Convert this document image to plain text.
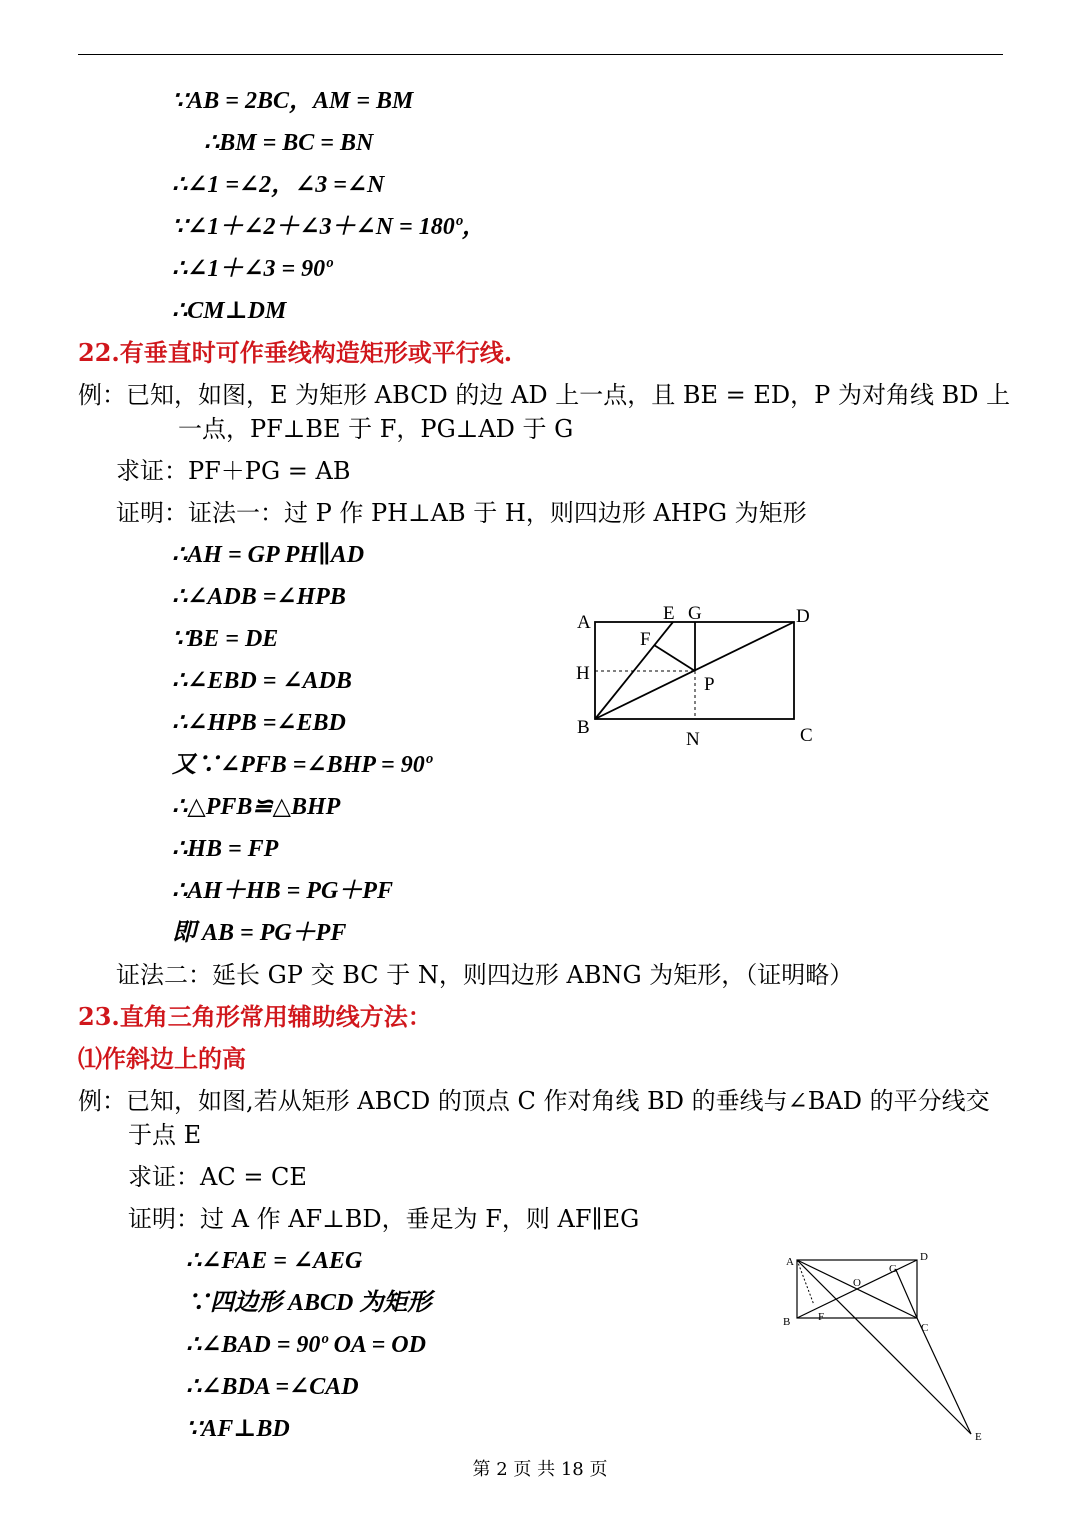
∵AB = 2BC，AM = BM
∴BM = BC = BN
∴∠1 =∠2，∠3 =∠N
∵∠1＋∠2＋∠3＋∠N = 180º，
∴∠1＋∠3 = 90º
∴CM⊥DM
22.有垂直时可作垂线构造矩形或平行线.
例：已知，如图，E 为矩形 ABCD 的边 AD 上一点，且 BE = ED，P 为对角线 BD 上
一点，PF⊥BE 于 F，PG⊥AD 于 G
求证：PF＋PG = AB
证明：证法一：过 P 作 PH⊥AB 于 H，则四边形 AHPG 为矩形
∴AH = GP PH∥AD
∴∠ADB =∠HPB
∵BE = DE
∴∠EBD = ∠ADB
∴∠HPB =∠EBD
又∵∠PFB =∠BHP = 90º
∴△PFB≌△BHP
∴HB = FP
∴AH＋HB = PG＋PF
即 AB = PG＋PF
证法二：延长 GP 交 BC 于 N，则四边形 ABNG 为矩形，（证明略）
23.直角三角形常用辅助线方法：
⑴作斜边上的高
例：已知，如图,若从矩形 ABCD 的顶点 C 作对角线 BD 的垂线与∠BAD 的平分线交
于点 E
求证：AC = CE
证明：过 A 作 AF⊥BD，垂足为 F，则 AF∥EG
∴∠FAE = ∠AEG
∵四边形 ABCD 为矩形
∴∠BAD = 90º OA = OD
∴∠BDA =∠CAD
∵AF⊥BD
A	E G	D
F
H
P
B
N	C
A	D
O
G
B	F
C
E
第 2 页 共 18 页
